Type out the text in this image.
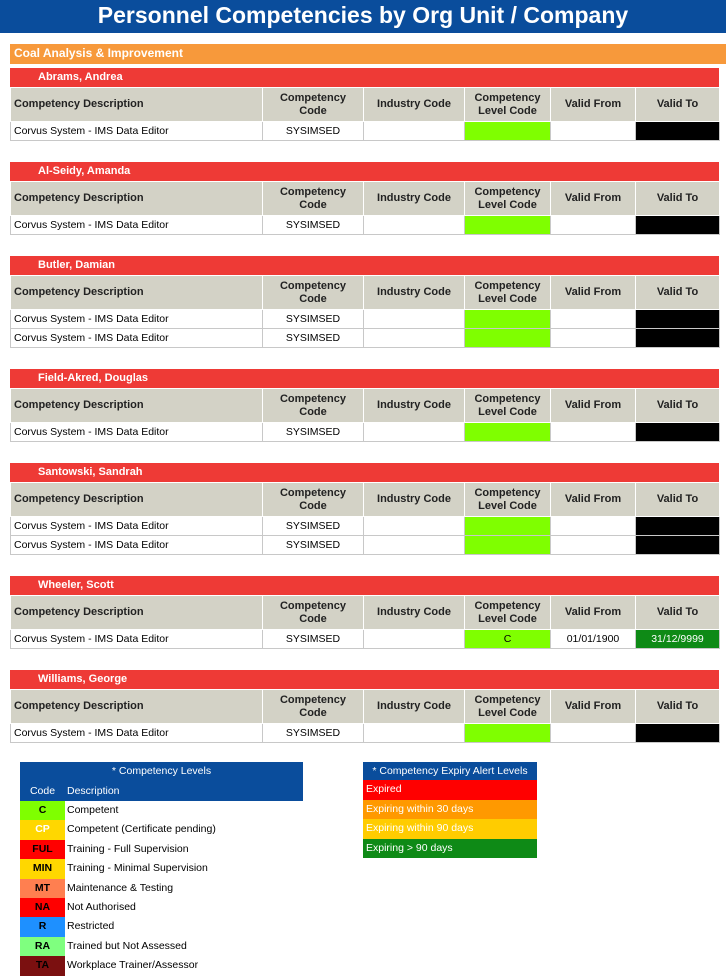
Personnel Competencies by Org Unit / Company
Coal Analysis & Improvement
Abrams, Andrea
Competency Description	Competency Code	Industry Code	Competency Level Code	Valid From	Valid To
Corvus System - IMS Data Editor	SYSIMSED				
Al-Seidy, Amanda
Competency Description	Competency Code	Industry Code	Competency Level Code	Valid From	Valid To
Corvus System - IMS Data Editor	SYSIMSED				
Butler, Damian
Competency Description	Competency Code	Industry Code	Competency Level Code	Valid From	Valid To
Corvus System - IMS Data Editor	SYSIMSED				
Corvus System - IMS Data Editor	SYSIMSED				
Field-Akred, Douglas
Competency Description	Competency Code	Industry Code	Competency Level Code	Valid From	Valid To
Corvus System - IMS Data Editor	SYSIMSED				
Santowski, Sandrah
Competency Description	Competency Code	Industry Code	Competency Level Code	Valid From	Valid To
Corvus System - IMS Data Editor	SYSIMSED				
Corvus System - IMS Data Editor	SYSIMSED				
Wheeler, Scott
Competency Description	Competency Code	Industry Code	Competency Level Code	Valid From	Valid To
Corvus System - IMS Data Editor	SYSIMSED		C	01/01/1900	31/12/9999
Williams, George
Competency Description	Competency Code	Industry Code	Competency Level Code	Valid From	Valid To
Corvus System - IMS Data Editor	SYSIMSED				
* Competency Levels
Code	Description
C	Competent
CP	Competent (Certificate pending)
FUL	Training - Full Supervision
MIN	Training - Minimal Supervision
MT	Maintenance & Testing
NA	Not Authorised
R	Restricted
RA	Trained but Not Assessed
TA	Workplace Trainer/Assessor
* Competency Expiry Alert Levels
Expired
Expiring within 30 days
Expiring within 90 days
Expiring > 90 days
